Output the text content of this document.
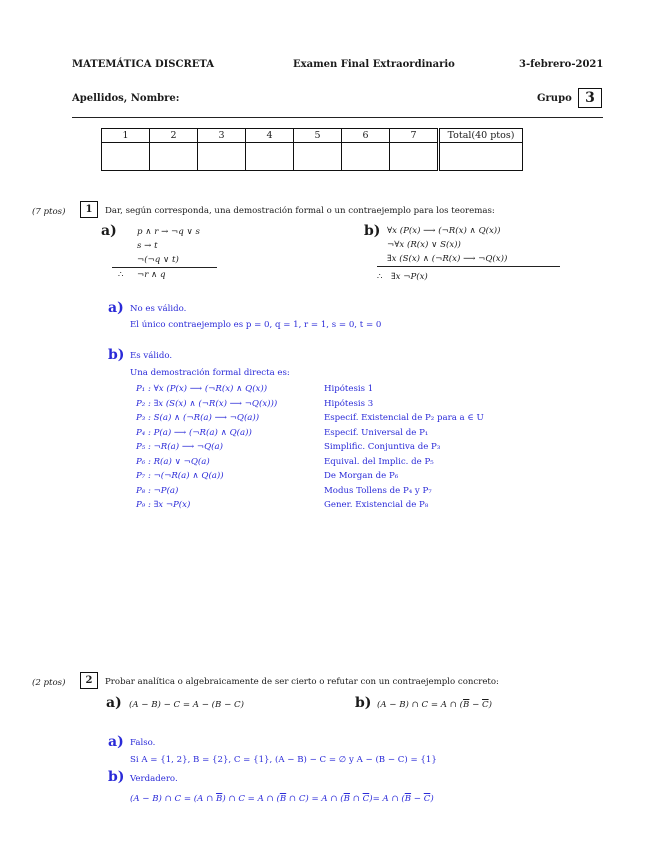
MATEMÁTICA DISCRETA	Examen Final Extraordinario	3-febrero-2021
Apellidos, Nombre:	Grupo 3
1	2	3	4	5	6	7	Total(40 ptos)

(7 ptos)	1	Dar, según corresponda, una demostración formal o un contraejemplo para los teoremas:
a) p ∧ r → ¬q ∨ s
s → t
¬(¬q ∨ t)
∴ ¬r ∧ q
b) ∀x (P(x) ⟶ (¬R(x) ∧ Q(x))
¬∀x (R(x) ∨ S(x))
∃x (S(x) ∧ (¬R(x) ⟶ ¬Q(x))
∴ ∃x ¬P(x)
a) No es válido.
El único contraejemplo es p = 0, q = 1, r = 1, s = 0, t = 0
b) Es válido.
Una demostración formal directa es:
P₁ : ∀x (P(x) ⟶ (¬R(x) ∧ Q(x))	Hipótesis 1
P₂ : ∃x (S(x) ∧ (¬R(x) ⟶ ¬Q(x)))	Hipótesis 3
P₃ : S(a) ∧ (¬R(a) ⟶ ¬Q(a))	Especif. Existencial de P₂ para a ∈ U
P₄ : P(a) ⟶ (¬R(a) ∧ Q(a))	Especif. Universal de P₁
P₅ : ¬R(a) ⟶ ¬Q(a)	Simplific. Conjuntiva de P₃
P₆ : R(a) ∨ ¬Q(a)	Equival. del Implic. de P₅
P₇ : ¬(¬R(a) ∧ Q(a))	De Morgan de P₆
P₈ : ¬P(a)	Modus Tollens de P₄ y P₇
P₉ : ∃x ¬P(x)	Gener. Existencial de P₈
(2 ptos)	2	Probar analítica o algebraicamente de ser cierto o refutar con un contraejemplo concreto:
a) (A − B) − C = A − (B − C)	b) (A − B) ∩ C = A ∩ $(\overline{B} - \overline{C})$
a) Falso.
Si A = {1, 2}, B = {2}, C = {1}, (A − B) − C = ∅ y A − (B − C) = {1}
b) Verdadero.
(A − B) ∩ C = (A ∩ $\overline{B}$) ∩ C = A ∩ ($\overline{B}$ ∩ C) = A ∩ ($\overline{B}$ ∩ $\overline{C})= A$ ∩ $(\overline{B} - \overline{C})$
